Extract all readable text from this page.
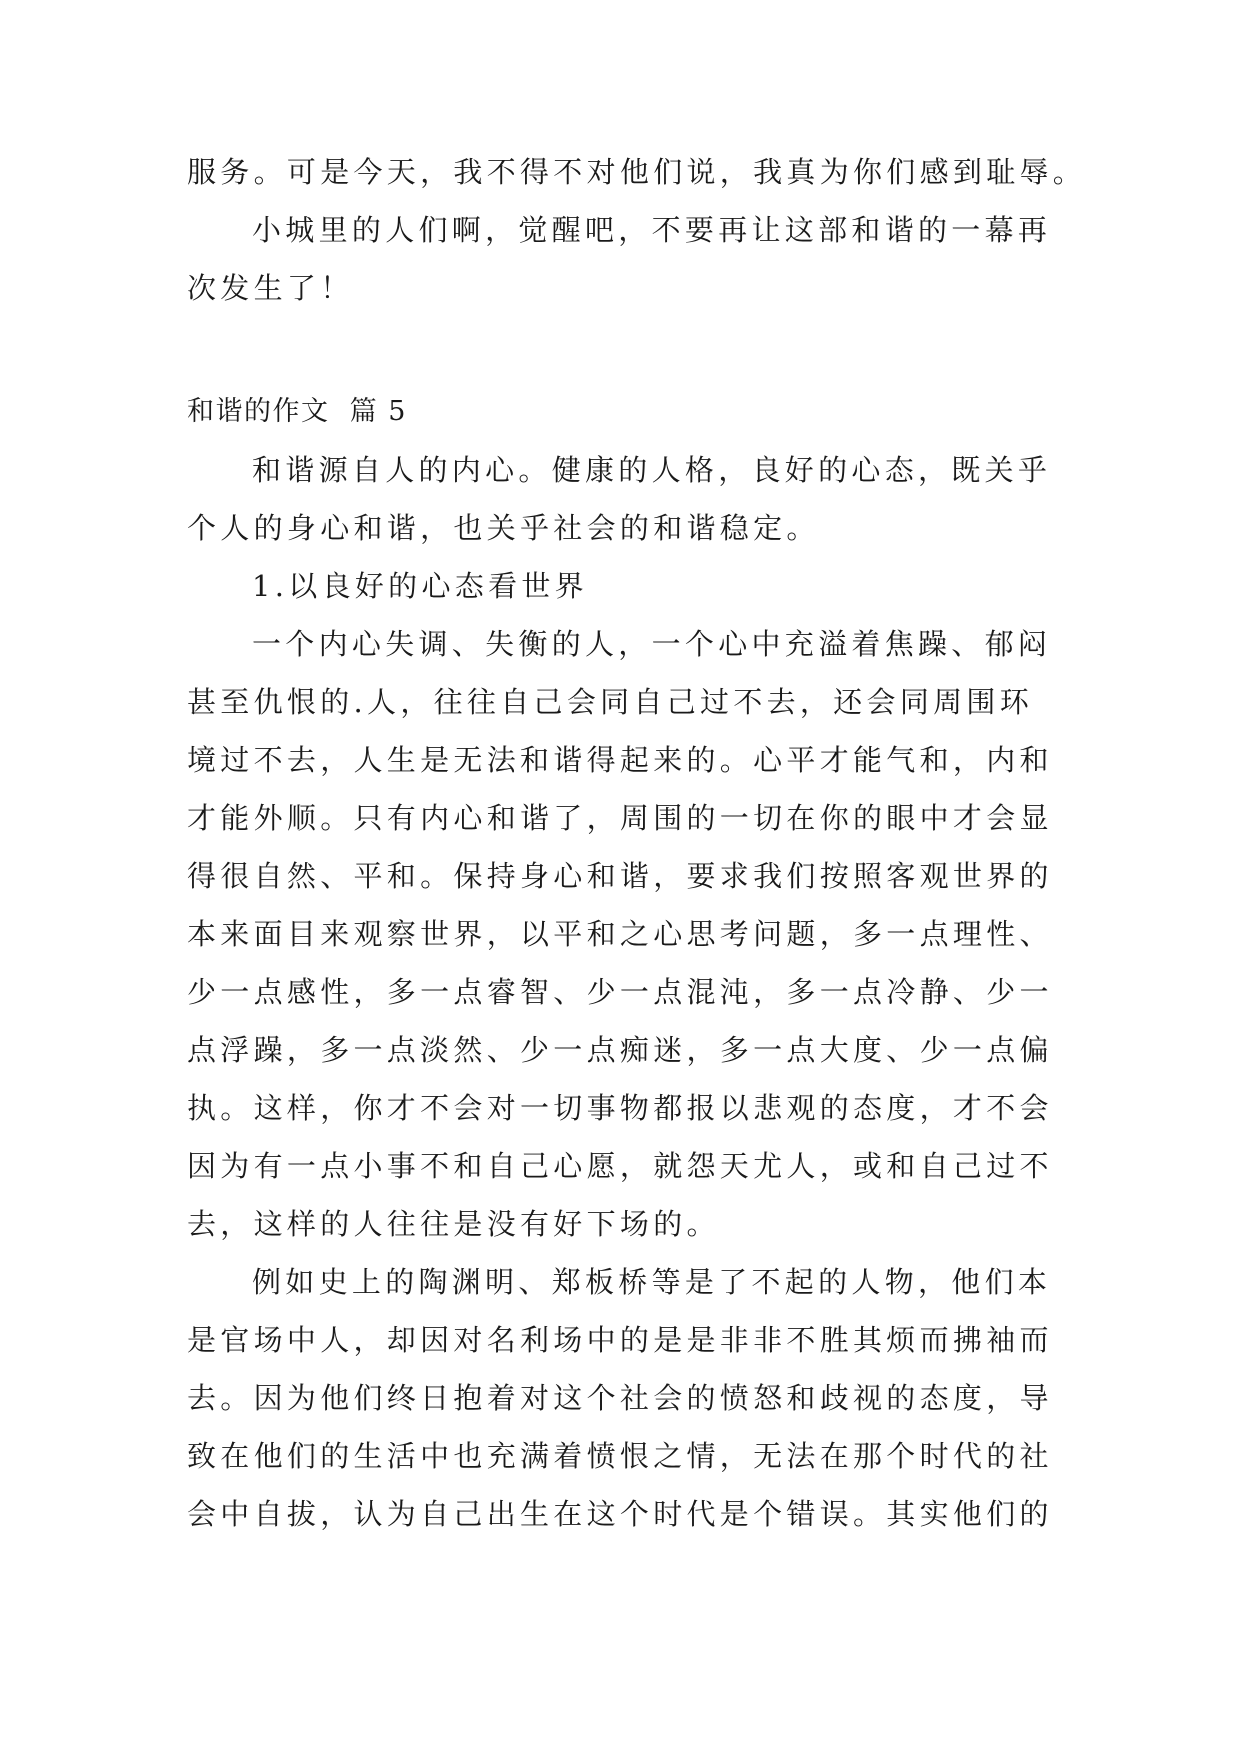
服务。可是今天，我不得不对他们说，我真为你们感到耻辱。
小城里的人们啊，觉醒吧，不要再让这部和谐的一幕再
次发生了！
和谐的作文 篇 5
和谐源自人的内心。健康的人格，良好的心态，既关乎
个人的身心和谐，也关乎社会的和谐稳定。
1.以良好的心态看世界
一个内心失调、失衡的人，一个心中充溢着焦躁、郁闷
甚至仇恨的.人，往往自己会同自己过不去，还会同周围环
境过不去，人生是无法和谐得起来的。心平才能气和，内和
才能外顺。只有内心和谐了，周围的一切在你的眼中才会显
得很自然、平和。保持身心和谐，要求我们按照客观世界的
本来面目来观察世界，以平和之心思考问题，多一点理性、
少一点感性，多一点睿智、少一点混沌，多一点冷静、少一
点浮躁，多一点淡然、少一点痴迷，多一点大度、少一点偏
执。这样，你才不会对一切事物都报以悲观的态度，才不会
因为有一点小事不和自己心愿，就怨天尤人，或和自己过不
去，这样的人往往是没有好下场的。
例如史上的陶渊明、郑板桥等是了不起的人物，他们本
是官场中人，却因对名利场中的是是非非不胜其烦而拂袖而
去。因为他们终日抱着对这个社会的愤怒和歧视的态度，导
致在他们的生活中也充满着愤恨之情，无法在那个时代的社
会中自拔，认为自己出生在这个时代是个错误。其实他们的
